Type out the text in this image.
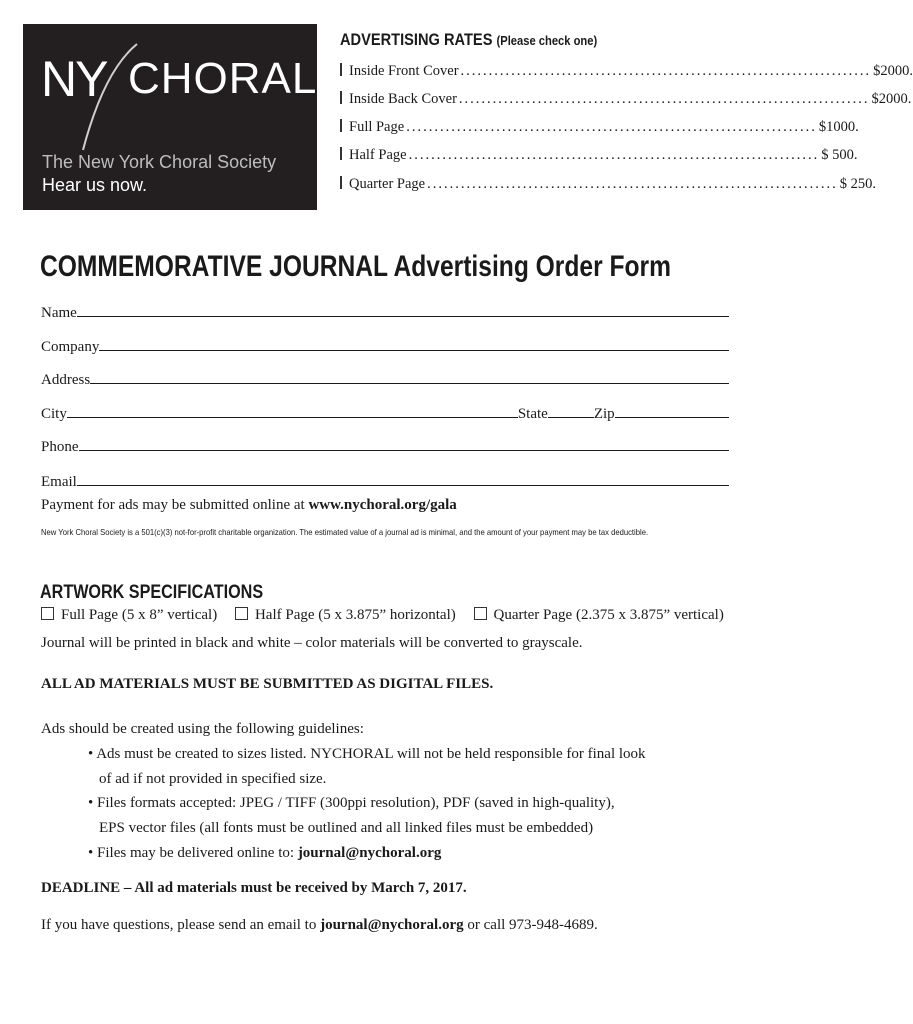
NY CHORAL
The New York Choral Society
Hear us now.
ADVERTISING RATES (Please check one)
Inside Front Cover ......................................................................... $2000.
Inside Back Cover ......................................................................... $2000.
Full Page ......................................................................... $1000.
Half Page ......................................................................... $ 500.
Quarter Page ......................................................................... $ 250.
COMMEMORATIVE JOURNAL Advertising Order Form
Name
Company
Address
City	State	Zip
Phone
Email
Payment for ads may be submitted online at www.nychoral.org/gala
New York Choral Society is a 501(c)(3) not-for-profit charitable organization. The estimated value of a journal ad is minimal, and the amount of your payment may be tax deductible.
ARTWORK SPECIFICATIONS
Full Page (5 x 8” vertical)	Half Page (5 x 3.875” horizontal)	Quarter Page (2.375 x 3.875” vertical)
Journal will be printed in black and white – color materials will be converted to grayscale.
ALL AD MATERIALS MUST BE SUBMITTED AS DIGITAL FILES.
Ads should be created using the following guidelines:
• Ads must be created to sizes listed. NYCHORAL will not be held responsible for final look
of ad if not provided in specified size.
• Files formats accepted: JPEG / TIFF (300ppi resolution), PDF (saved in high-quality),
EPS vector files (all fonts must be outlined and all linked files must be embedded)
• Files may be delivered online to: journal@nychoral.org
DEADLINE – All ad materials must be received by March 7, 2017.
If you have questions, please send an email to journal@nychoral.org or call 973-948-4689.
